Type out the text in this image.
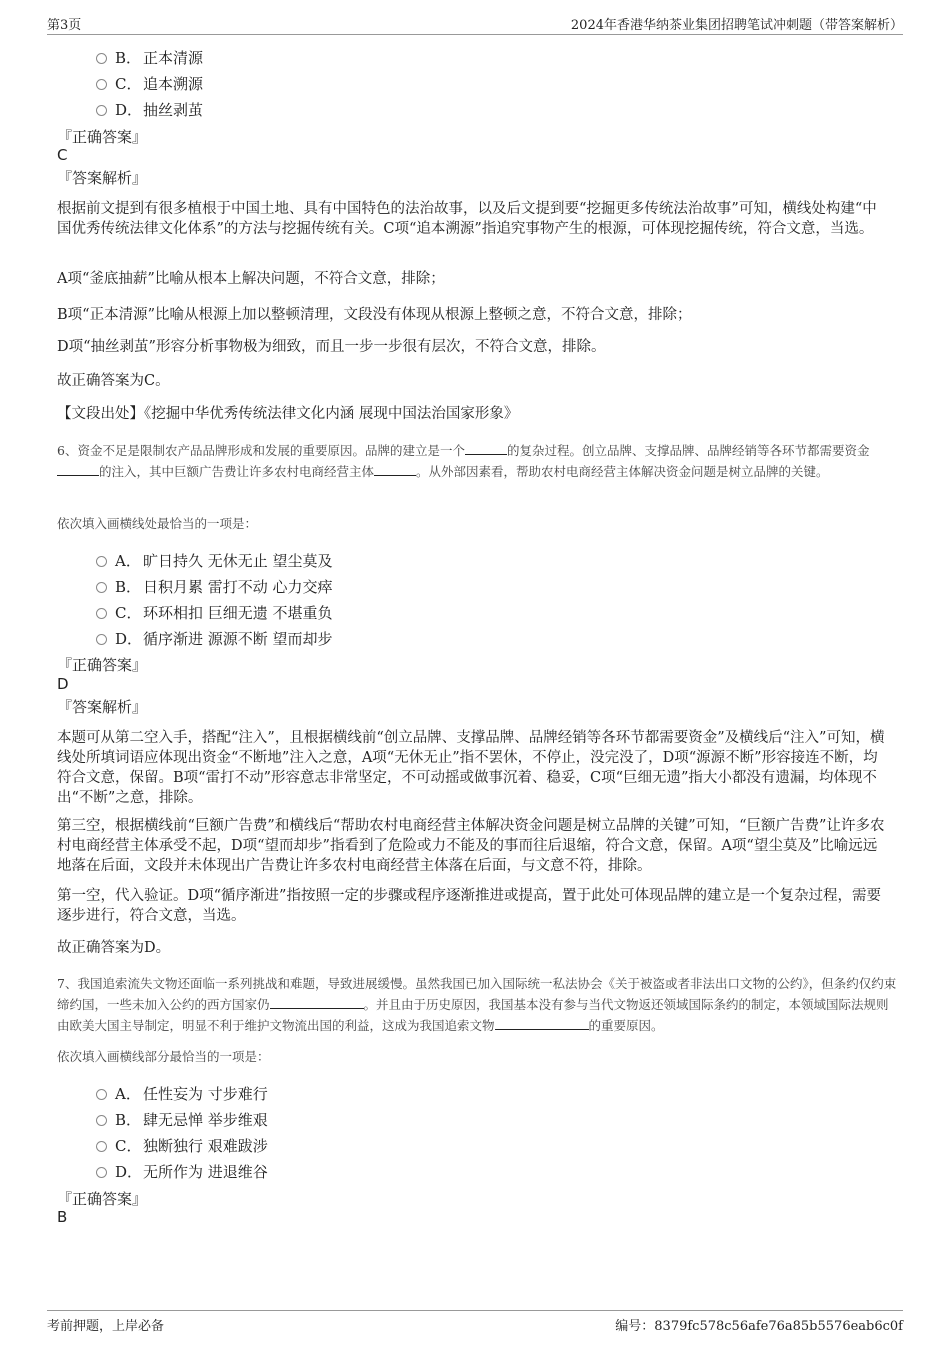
第3页	2024年香港华纳茶业集团招聘笔试冲刺题（带答案解析）
B． 正本清源
C． 追本溯源
D．抽丝剥茧
『正确答案』
C
『答案解析』
根据前文提到有很多植根于中国土地、具有中国特色的法治故事，以及后文提到要“挖掘更多传统法治故事”可知，横线处构建“中国优秀传统法律文化体系”的方法与挖掘传统有关。C项“追本溯源”指追究事物产生的根源，可体现挖掘传统，符合文意，当选。
A项“釜底抽薪”比喻从根本上解决问题，不符合文意，排除；
B项“正本清源”比喻从根源上加以整顿清理，文段没有体现从根源上整顿之意，不符合文意，排除；
D项“抽丝剥茧”形容分析事物极为细致，而且一步一步很有层次，不符合文意，排除。
故正确答案为C。
【文段出处】《挖掘中华优秀传统法律文化内涵 展现中国法治国家形象》
6、资金不足是限制农产品品牌形成和发展的重要原因。品牌的建立是一个	的复杂过程。创立品牌、支撑品牌、品牌经销等各环节都需要资金的注入，其中巨额广告费让许多农村电商经营主体	。从外部因素看，帮助农村电商经营主体解决资金问题是树立品牌的关键。
依次填入画横线处最恰当的一项是：
A． 旷日持久 无休无止 望尘莫及
B． 日积月累 雷打不动 心力交瘁
C． 环环相扣 巨细无遗 不堪重负
D．循序渐进 源源不断 望而却步
『正确答案』
D
『答案解析』
本题可从第二空入手，搭配“注入”，且根据横线前“创立品牌、支撑品牌、品牌经销等各环节都需要资金”及横线后“注入”可知，横线处所填词语应体现出资金“不断地”注入之意，A项“无休无止”指不罢休，不停止，没完没了，D项“源源不断”形容接连不断，均符合文意，保留。B项“雷打不动”形容意志非常坚定，不可动摇或做事沉着、稳妥，C项“巨细无遗”指大小都没有遗漏，均体现不出“不断”之意，排除。
第三空，根据横线前“巨额广告费”和横线后“帮助农村电商经营主体解决资金问题是树立品牌的关键”可知，“巨额广告费”让许多农村电商经营主体承受不起，D项“望而却步”指看到了危险或力不能及的事而往后退缩，符合文意，保留。A项“望尘莫及”比喻远远地落在后面，文段并未体现出广告费让许多农村电商经营主体落在后面，与文意不符，排除。
第一空，代入验证。D项“循序渐进”指按照一定的步骤或程序逐渐推进或提高，置于此处可体现品牌的建立是一个复杂过程，需要逐步进行，符合文意，当选。
故正确答案为D。
7、我国追索流失文物还面临一系列挑战和难题，导致进展缓慢。虽然我国已加入国际统一私法协会《关于被盗或者非法出口文物的公约》，但条约仅约束缔约国，一些未加入公约的西方国家仍	。并且由于历史原因，我国基本没有参与当代文物返还领域国际条约的制定，本领域国际法规则由欧美大国主导制定，明显不利于维护文物流出国的利益，这成为我国追索文物	的重要原因。
依次填入画横线部分最恰当的一项是：
A． 任性妄为 寸步难行
B． 肆无忌惮 举步维艰
C． 独断独行 艰难跋涉
D．无所作为 进退维谷
『正确答案』
B
考前押题，上岸必备	编号：8379fc578c56afe76a85b5576eab6c0f
